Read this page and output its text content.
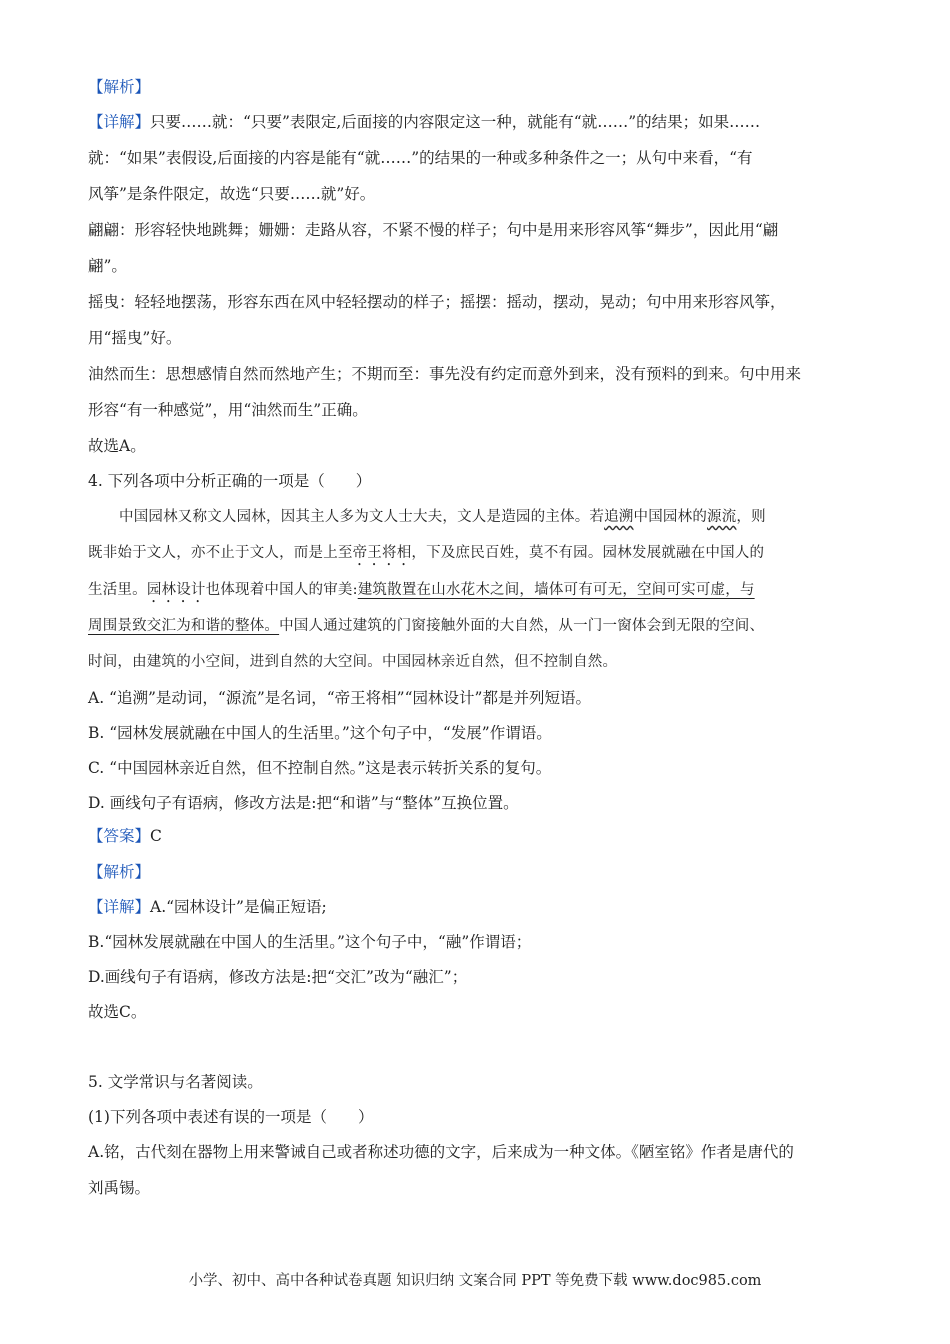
【解析】
【详解】只要……就：“只要”表限定,后面接的内容限定这一种，就能有“就……”的结果；如果……
就：“如果”表假设,后面接的内容是能有“就……”的结果的一种或多种条件之一；从句中来看，“有
风筝”是条件限定，故选“只要……就”好。
翩翩：形容轻快地跳舞；姗姗：走路从容，不紧不慢的样子；句中是用来形容风筝“舞步”，因此用“翩
翩”。
摇曳：轻轻地摆荡，形容东西在风中轻轻摆动的样子；摇摆：摇动，摆动，晃动；句中用来形容风筝，
用“摇曳”好。
油然而生：思想感情自然而然地产生；不期而至：事先没有约定而意外到来，没有预料的到来。句中用来
形容“有一种感觉”，用“油然而生”正确。
故选A。
4. 下列各项中分析正确的一项是（　　）
中国园林又称文人园林，因其主人多为文人士大夫，文人是造园的主体。若追溯中国园林的源流，则
既非始于文人，亦不止于文人，而是上至帝王将相，下及庶民百姓，莫不有园。园林发展就融在中国人的
生活里。园林设计也体现着中国人的审美:建筑散置在山水花木之间，墙体可有可无，空间可实可虚，与
周围景致交汇为和谐的整体。中国人通过建筑的门窗接触外面的大自然，从一门一窗体会到无限的空间、
时间，由建筑的小空间，进到自然的大空间。中国园林亲近自然，但不控制自然。
A. “追溯”是动词，“源流”是名词，“帝王将相”“园林设计”都是并列短语。
B. “园林发展就融在中国人的生活里。”这个句子中，“发展”作谓语。
C. “中国园林亲近自然，但不控制自然。”这是表示转折关系的复句。
D. 画线句子有语病，修改方法是:把“和谐”与“整体”互换位置。
【答案】C
【解析】
【详解】A.“园林设计”是偏正短语;
B.“园林发展就融在中国人的生活里。”这个句子中，“融”作谓语；
D.画线句子有语病，修改方法是:把“交汇”改为“融汇”；
故选C。
5. 文学常识与名著阅读。
(1)下列各项中表述有误的一项是（　　）
A.铭，古代刻在器物上用来警诫自己或者称述功德的文字，后来成为一种文体。《陋室铭》作者是唐代的
刘禹锡。
小学、初中、高中各种试卷真题 知识归纳 文案合同 PPT 等免费下载 www.doc985.com
